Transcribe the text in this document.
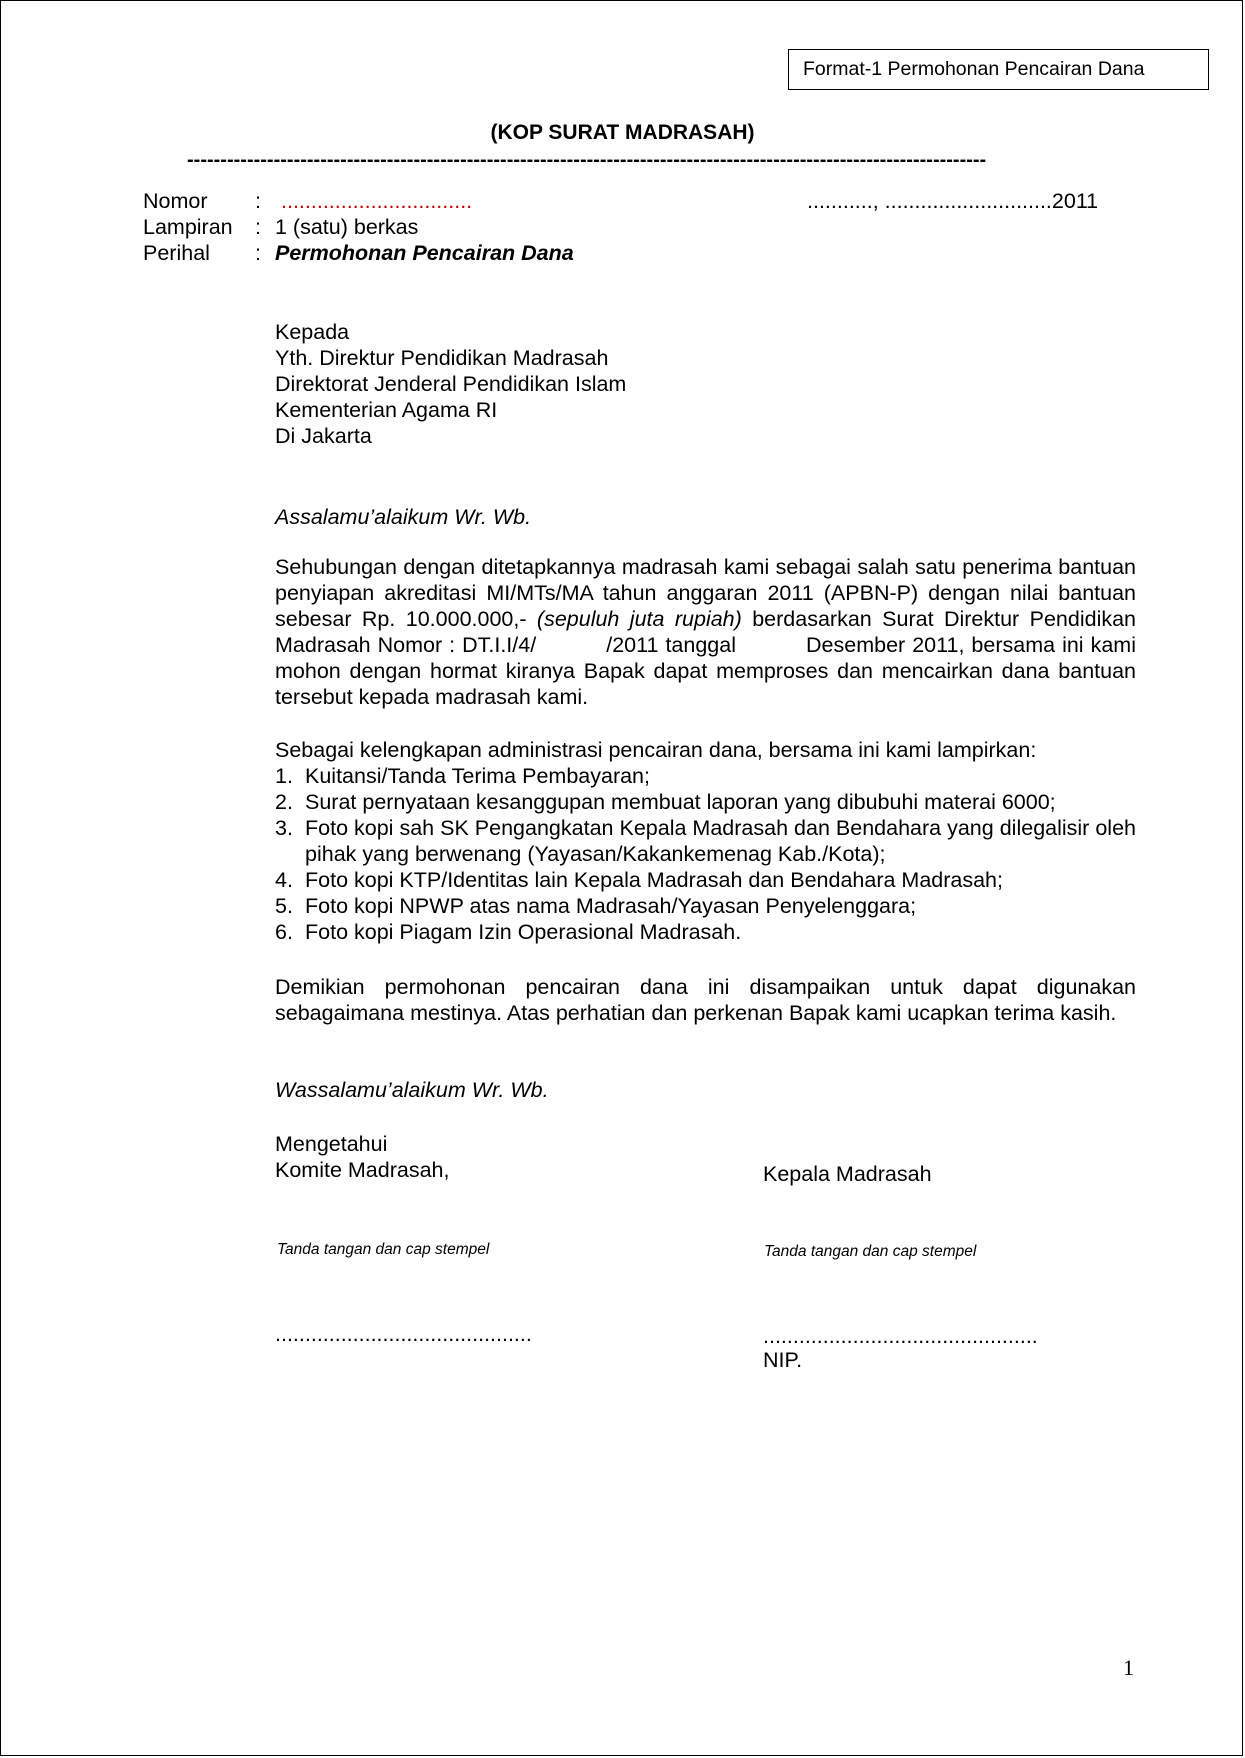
Format-1 Permohonan Pencairan Dana
(KOP SURAT MADRASAH)
------------------------------------------------------------------------------------------------------------------------
Nomor : ................................	..........., ............................2011
Lampiran : 1 (satu) berkas
Perihal : Permohonan Pencairan Dana
Kepada
Yth. Direktur Pendidikan Madrasah
Direktorat Jenderal Pendidikan Islam
Kementerian Agama RI
Di Jakarta
Assalamu’alaikum Wr. Wb.
Sehubungan dengan ditetapkannya madrasah kami sebagai salah satu penerima bantuan penyiapan akreditasi MI/MTs/MA tahun anggaran 2011 (APBN-P) dengan nilai bantuan sebesar Rp. 10.000.000,- (sepuluh juta rupiah) berdasarkan Surat Direktur Pendidikan Madrasah Nomor : DT.I.I/4/          /2011 tanggal          Desember 2011, bersama ini kami mohon dengan hormat kiranya Bapak dapat memproses dan mencairkan dana bantuan tersebut kepada madrasah kami.
Sebagai kelengkapan administrasi pencairan dana, bersama ini kami lampirkan:
1. Kuitansi/Tanda Terima Pembayaran;
2. Surat pernyataan kesanggupan membuat laporan yang dibubuhi materai 6000;
3. Foto kopi sah SK Pengangkatan Kepala Madrasah dan Bendahara yang dilegalisir oleh pihak yang berwenang (Yayasan/Kakankemenag Kab./Kota);
4. Foto kopi KTP/Identitas lain Kepala Madrasah dan Bendahara Madrasah;
5. Foto kopi NPWP atas nama Madrasah/Yayasan Penyelenggara;
6. Foto kopi Piagam Izin Operasional Madrasah.
Demikian permohonan pencairan dana ini disampaikan untuk dapat digunakan sebagaimana mestinya. Atas perhatian dan perkenan Bapak kami ucapkan terima kasih.
Wassalamu’alaikum Wr. Wb.
Mengetahui
Komite Madrasah,
Tanda tangan dan cap stempel
...........................................
Kepala Madrasah
Tanda tangan dan cap stempel
..............................................
NIP.
1
